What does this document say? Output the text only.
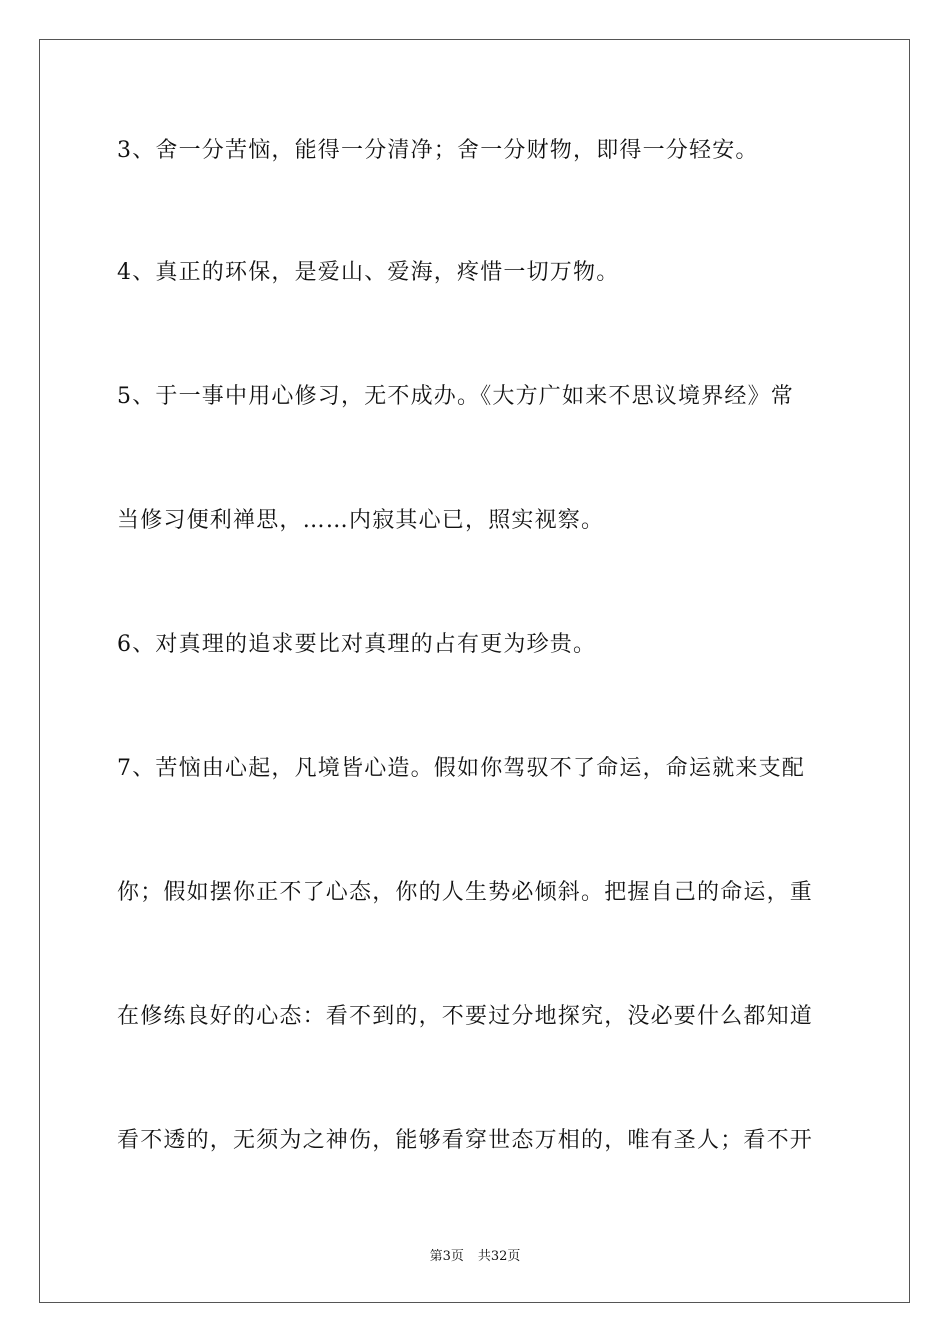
3、舍一分苦恼，能得一分清净；舍一分财物，即得一分轻安。
4、真正的环保，是爱山、爱海，疼惜一切万物。
5、于一事中用心修习，无不成办。《大方广如来不思议境界经》常
当修习便利禅思，……内寂其心已，照实视察。
6、对真理的追求要比对真理的占有更为珍贵。
7、苦恼由心起，凡境皆心造。假如你驾驭不了命运，命运就来支配
你；假如摆你正不了心态，你的人生势必倾斜。把握自己的命运，重
在修练良好的心态：看不到的，不要过分地探究，没必要什么都知道
看不透的，无须为之神伤，能够看穿世态万相的，唯有圣人；看不开
第3页 共32页
